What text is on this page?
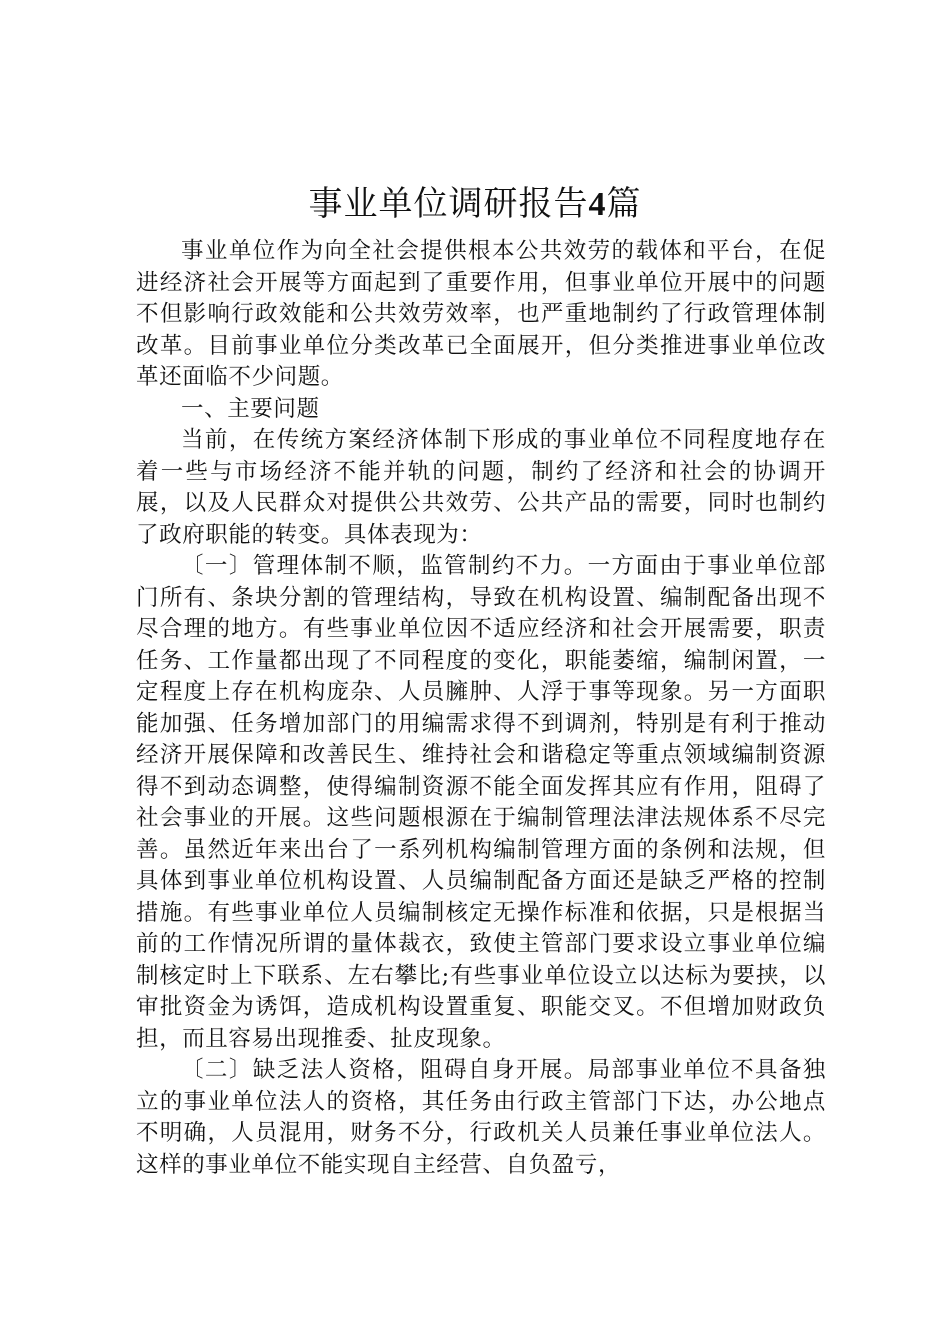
事业单位调研报告4篇

事业单位作为向全社会提供根本公共效劳的载体和平台，在促进经济社会开展等方面起到了重要作用，但事业单位开展中的问题不但影响行政效能和公共效劳效率，也严重地制约了行政管理体制改革。目前事业单位分类改革已全面展开，但分类推进事业单位改革还面临不少问题。

一、主要问题

当前，在传统方案经济体制下形成的事业单位不同程度地存在着一些与市场经济不能并轨的问题，制约了经济和社会的协调开展，以及人民群众对提供公共效劳、公共产品的需要，同时也制约了政府职能的转变。具体表现为：

〔一〕管理体制不顺，监管制约不力。一方面由于事业单位部门所有、条块分割的管理结构，导致在机构设置、编制配备出现不尽合理的地方。有些事业单位因不适应经济和社会开展需要，职责任务、工作量都出现了不同程度的变化，职能萎缩，编制闲置，一定程度上存在机构庞杂、人员臃肿、人浮于事等现象。另一方面职能加强、任务增加部门的用编需求得不到调剂，特别是有利于推动经济开展保障和改善民生、维持社会和谐稳定等重点领域编制资源得不到动态调整，使得编制资源不能全面发挥其应有作用，阻碍了社会事业的开展。这些问题根源在于编制管理法津法规体系不尽完善。虽然近年来出台了一系列机构编制管理方面的条例和法规，但具体到事业单位机构设置、人员编制配备方面还是缺乏严格的控制措施。有些事业单位人员编制核定无操作标准和依据，只是根据当前的工作情况所谓的量体裁衣，致使主管部门要求设立事业单位编制核定时上下联系、左右攀比;有些事业单位设立以达标为要挟，以审批资金为诱饵，造成机构设置重复、职能交叉。不但增加财政负担，而且容易出现推委、扯皮现象。

〔二〕缺乏法人资格，阻碍自身开展。局部事业单位不具备独立的事业单位法人的资格，其任务由行政主管部门下达，办公地点不明确，人员混用，财务不分，行政机关人员兼任事业单位法人。这样的事业单位不能实现自主经营、自负盈亏，
